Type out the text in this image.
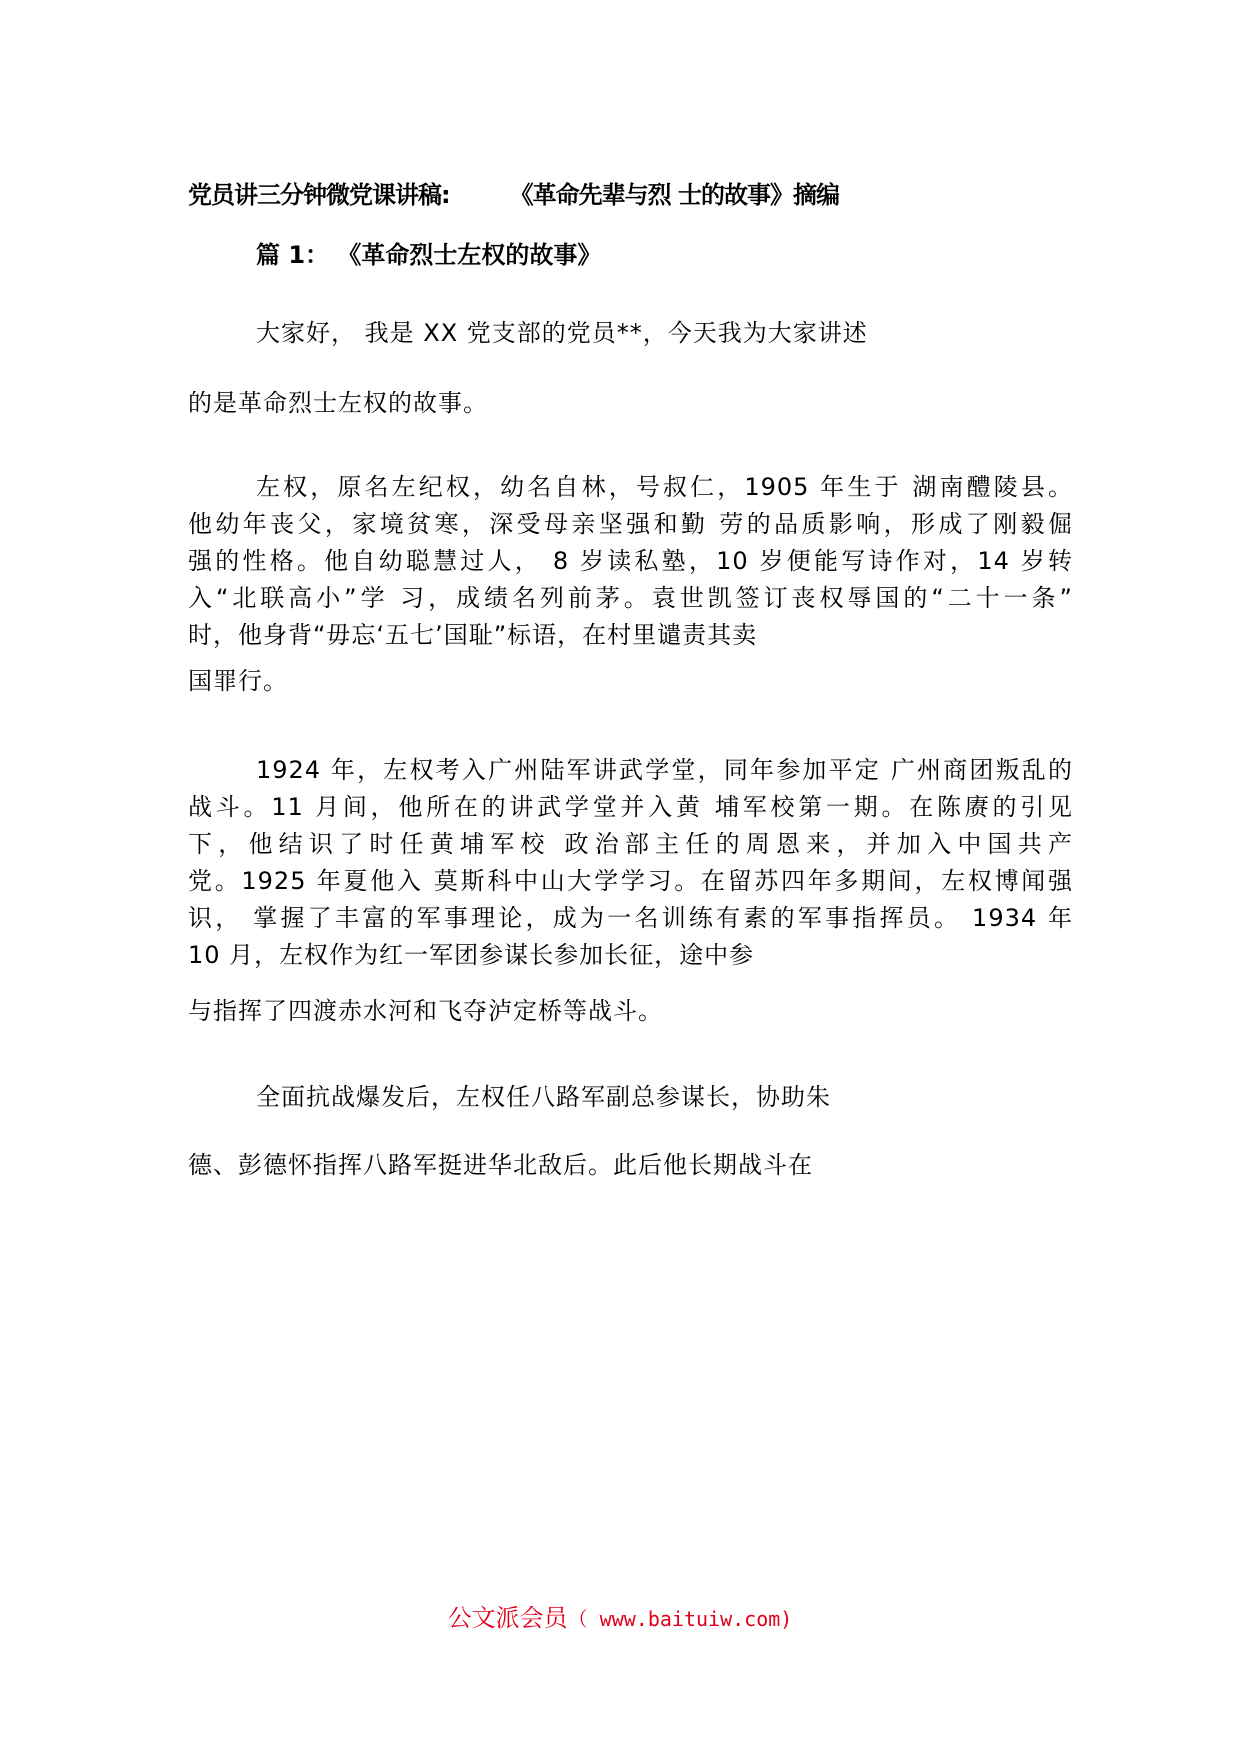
党员讲三分钟微党课讲稿:	《革命先辈与烈 士的故事》摘编
篇 1： 《革命烈士左权的故事》
大家好， 我是 XX 党支部的党员**，今天我为大家讲述
的是革命烈士左权的故事。
左权，原名左纪权，幼名自林，号叔仁，1905 年生于 湖南醴陵县。
他幼年丧父，家境贫寒，深受母亲坚强和勤 劳的品质影响，形成了刚毅倔
强的性格。他自幼聪慧过人， 8 岁读私塾，10 岁便能写诗作对，14 岁转
入“北联高小”学 习，成绩名列前茅。袁世凯签订丧权辱国的“二十一条”
时，他身背“毋忘‘五七’国耻”标语，在村里谴责其卖
国罪行。
1924 年，左权考入广州陆军讲武学堂，同年参加平定 广州商团叛乱的
战斗。11 月间，他所在的讲武学堂并入黄 埔军校第一期。在陈赓的引见
下，他结识了时任黄埔军校 政治部主任的周恩来，并加入中国共产
党。1925 年夏他入 莫斯科中山大学学习。在留苏四年多期间，左权博闻强
识， 掌握了丰富的军事理论，成为一名训练有素的军事指挥员。 1934 年
10 月，左权作为红一军团参谋长参加长征，途中参
与指挥了四渡赤水河和飞夺泸定桥等战斗。
全面抗战爆发后，左权任八路军副总参谋长，协助朱
德、彭德怀指挥八路军挺进华北敌后。此后他长期战斗在
公文派会员（ www.baituiw.com)
